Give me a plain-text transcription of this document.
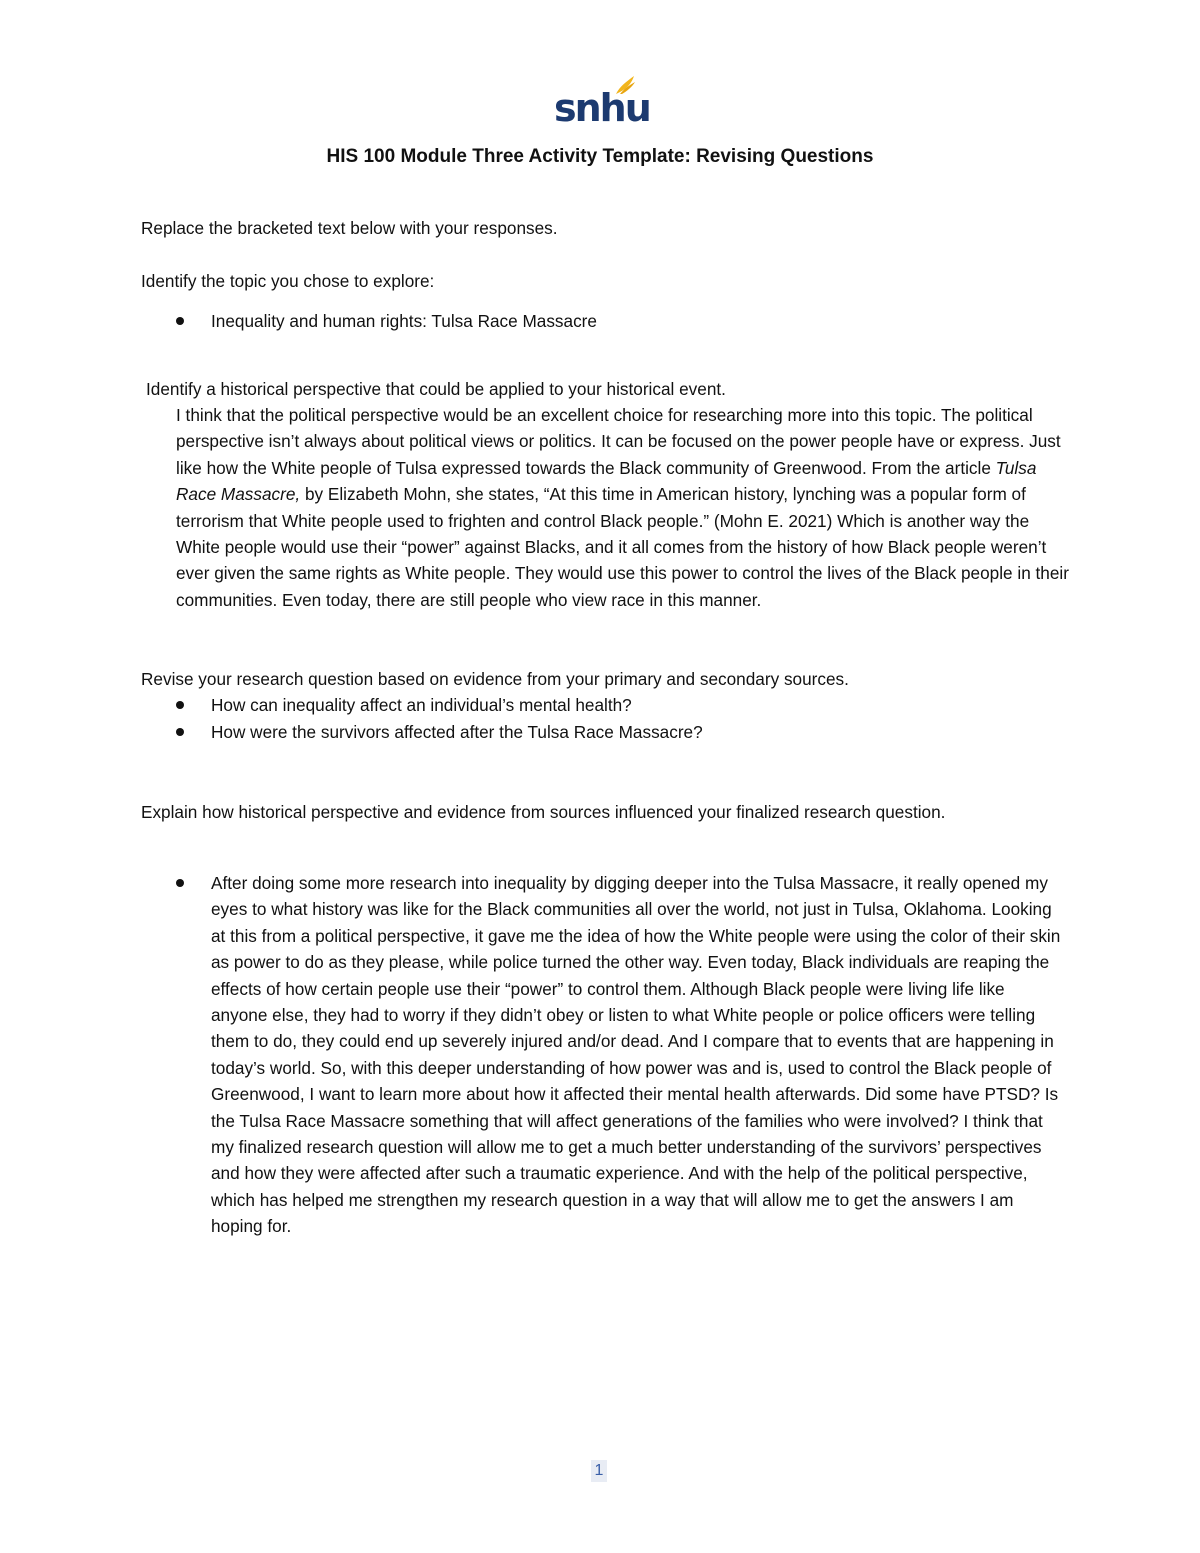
snhu
HIS 100 Module Three Activity Template: Revising Questions
Replace the bracketed text below with your responses.
Identify the topic you chose to explore:
Inequality and human rights: Tulsa Race Massacre
Identify a historical perspective that could be applied to your historical event.
I think that the political perspective would be an excellent choice for researching more into this topic. The political perspective isn’t always about political views or politics. It can be focused on the power people have or express. Just like how the White people of Tulsa expressed towards the Black community of Greenwood. From the article Tulsa Race Massacre, by Elizabeth Mohn, she states, “At this time in American history, lynching was a popular form of terrorism that White people used to frighten and control Black people.” (Mohn E. 2021) Which is another way the White people would use their “power” against Blacks, and it all comes from the history of how Black people weren’t ever given the same rights as White people. They would use this power to control the lives of the Black people in their communities. Even today, there are still people who view race in this manner.
Revise your research question based on evidence from your primary and secondary sources.
How can inequality affect an individual’s mental health?
How were the survivors affected after the Tulsa Race Massacre?
Explain how historical perspective and evidence from sources influenced your finalized research question.
After doing some more research into inequality by digging deeper into the Tulsa Massacre, it really opened my eyes to what history was like for the Black communities all over the world, not just in Tulsa, Oklahoma. Looking at this from a political perspective, it gave me the idea of how the White people were using the color of their skin as power to do as they please, while police turned the other way. Even today, Black individuals are reaping the effects of how certain people use their “power” to control them. Although Black people were living life like anyone else, they had to worry if they didn’t obey or listen to what White people or police officers were telling them to do, they could end up severely injured and/or dead. And I compare that to events that are happening in today’s world. So, with this deeper understanding of how power was and is, used to control the Black people of Greenwood, I want to learn more about how it affected their mental health afterwards. Did some have PTSD? Is the Tulsa Race Massacre something that will affect generations of the families who were involved? I think that my finalized research question will allow me to get a much better understanding of the survivors’ perspectives and how they were affected after such a traumatic experience. And with the help of the political perspective, which has helped me strengthen my research question in a way that will allow me to get the answers I am hoping for.
1
